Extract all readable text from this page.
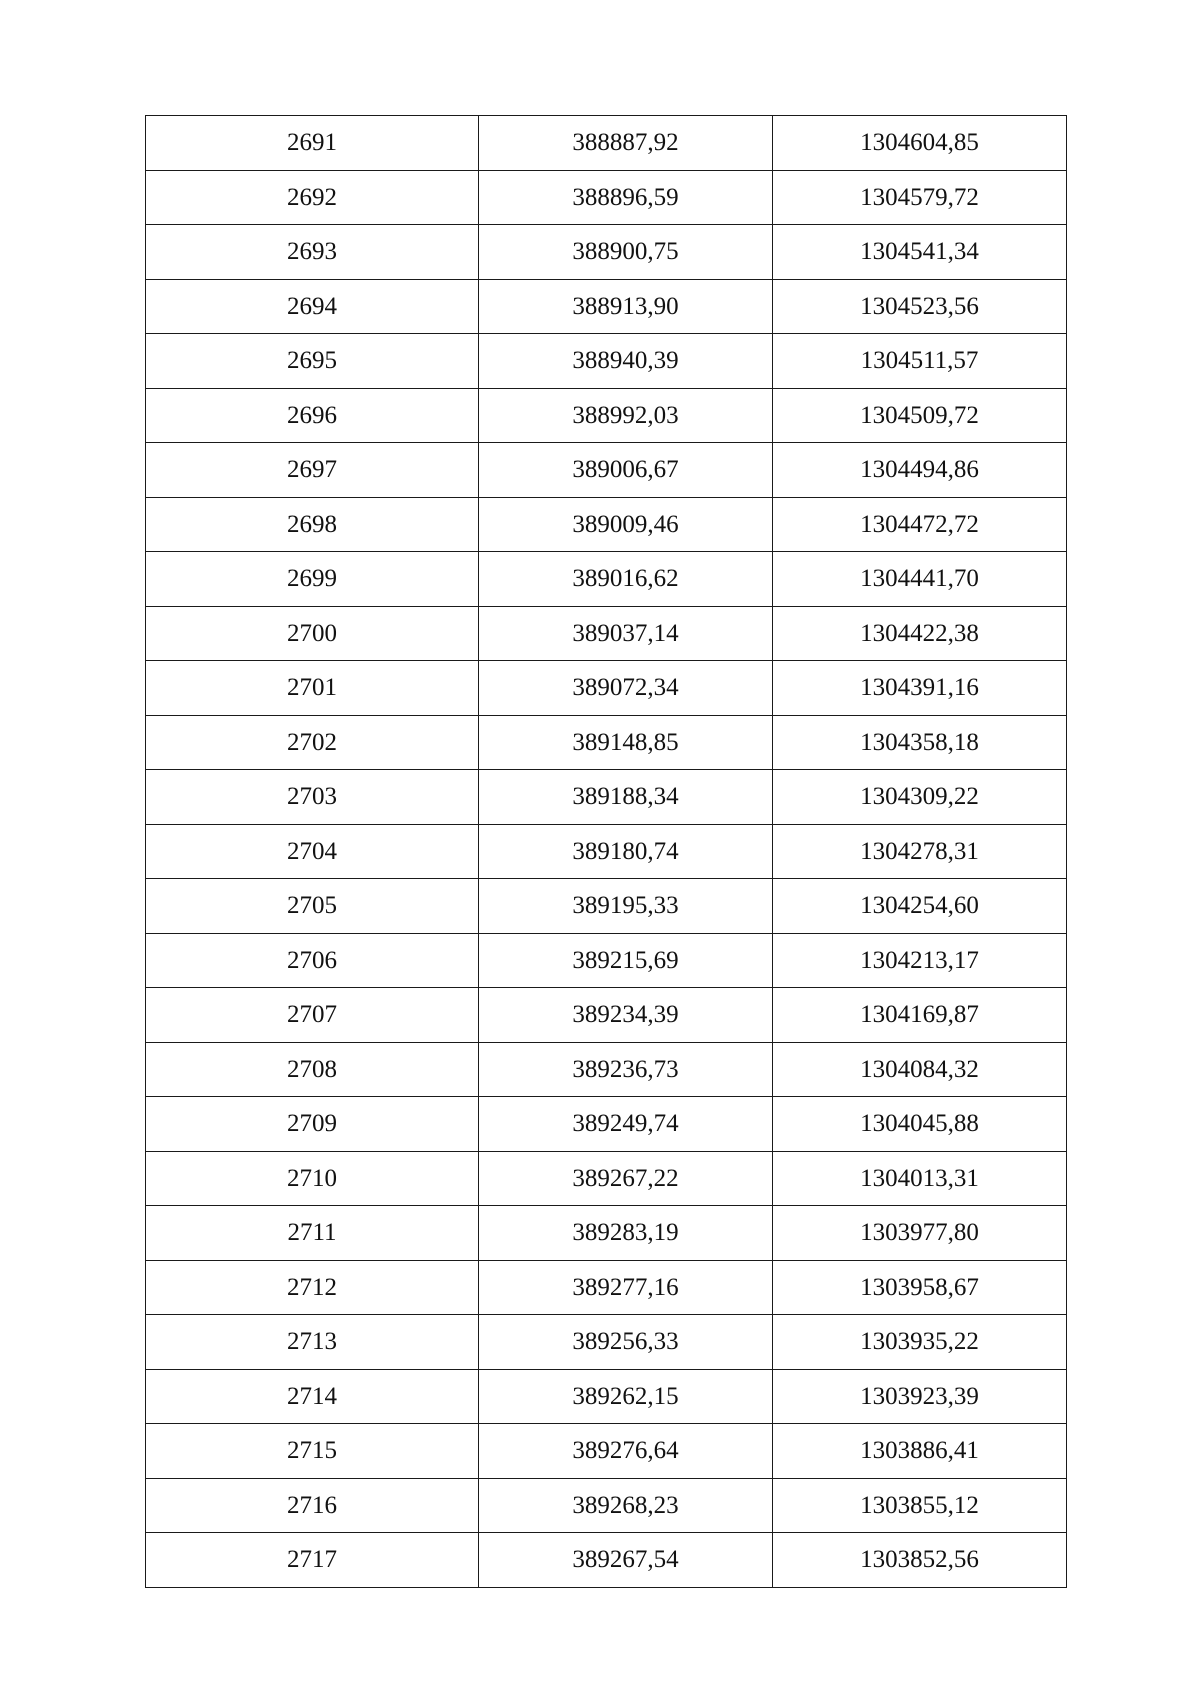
2691	388887,92	1304604,85
2692	388896,59	1304579,72
2693	388900,75	1304541,34
2694	388913,90	1304523,56
2695	388940,39	1304511,57
2696	388992,03	1304509,72
2697	389006,67	1304494,86
2698	389009,46	1304472,72
2699	389016,62	1304441,70
2700	389037,14	1304422,38
2701	389072,34	1304391,16
2702	389148,85	1304358,18
2703	389188,34	1304309,22
2704	389180,74	1304278,31
2705	389195,33	1304254,60
2706	389215,69	1304213,17
2707	389234,39	1304169,87
2708	389236,73	1304084,32
2709	389249,74	1304045,88
2710	389267,22	1304013,31
2711	389283,19	1303977,80
2712	389277,16	1303958,67
2713	389256,33	1303935,22
2714	389262,15	1303923,39
2715	389276,64	1303886,41
2716	389268,23	1303855,12
2717	389267,54	1303852,56
